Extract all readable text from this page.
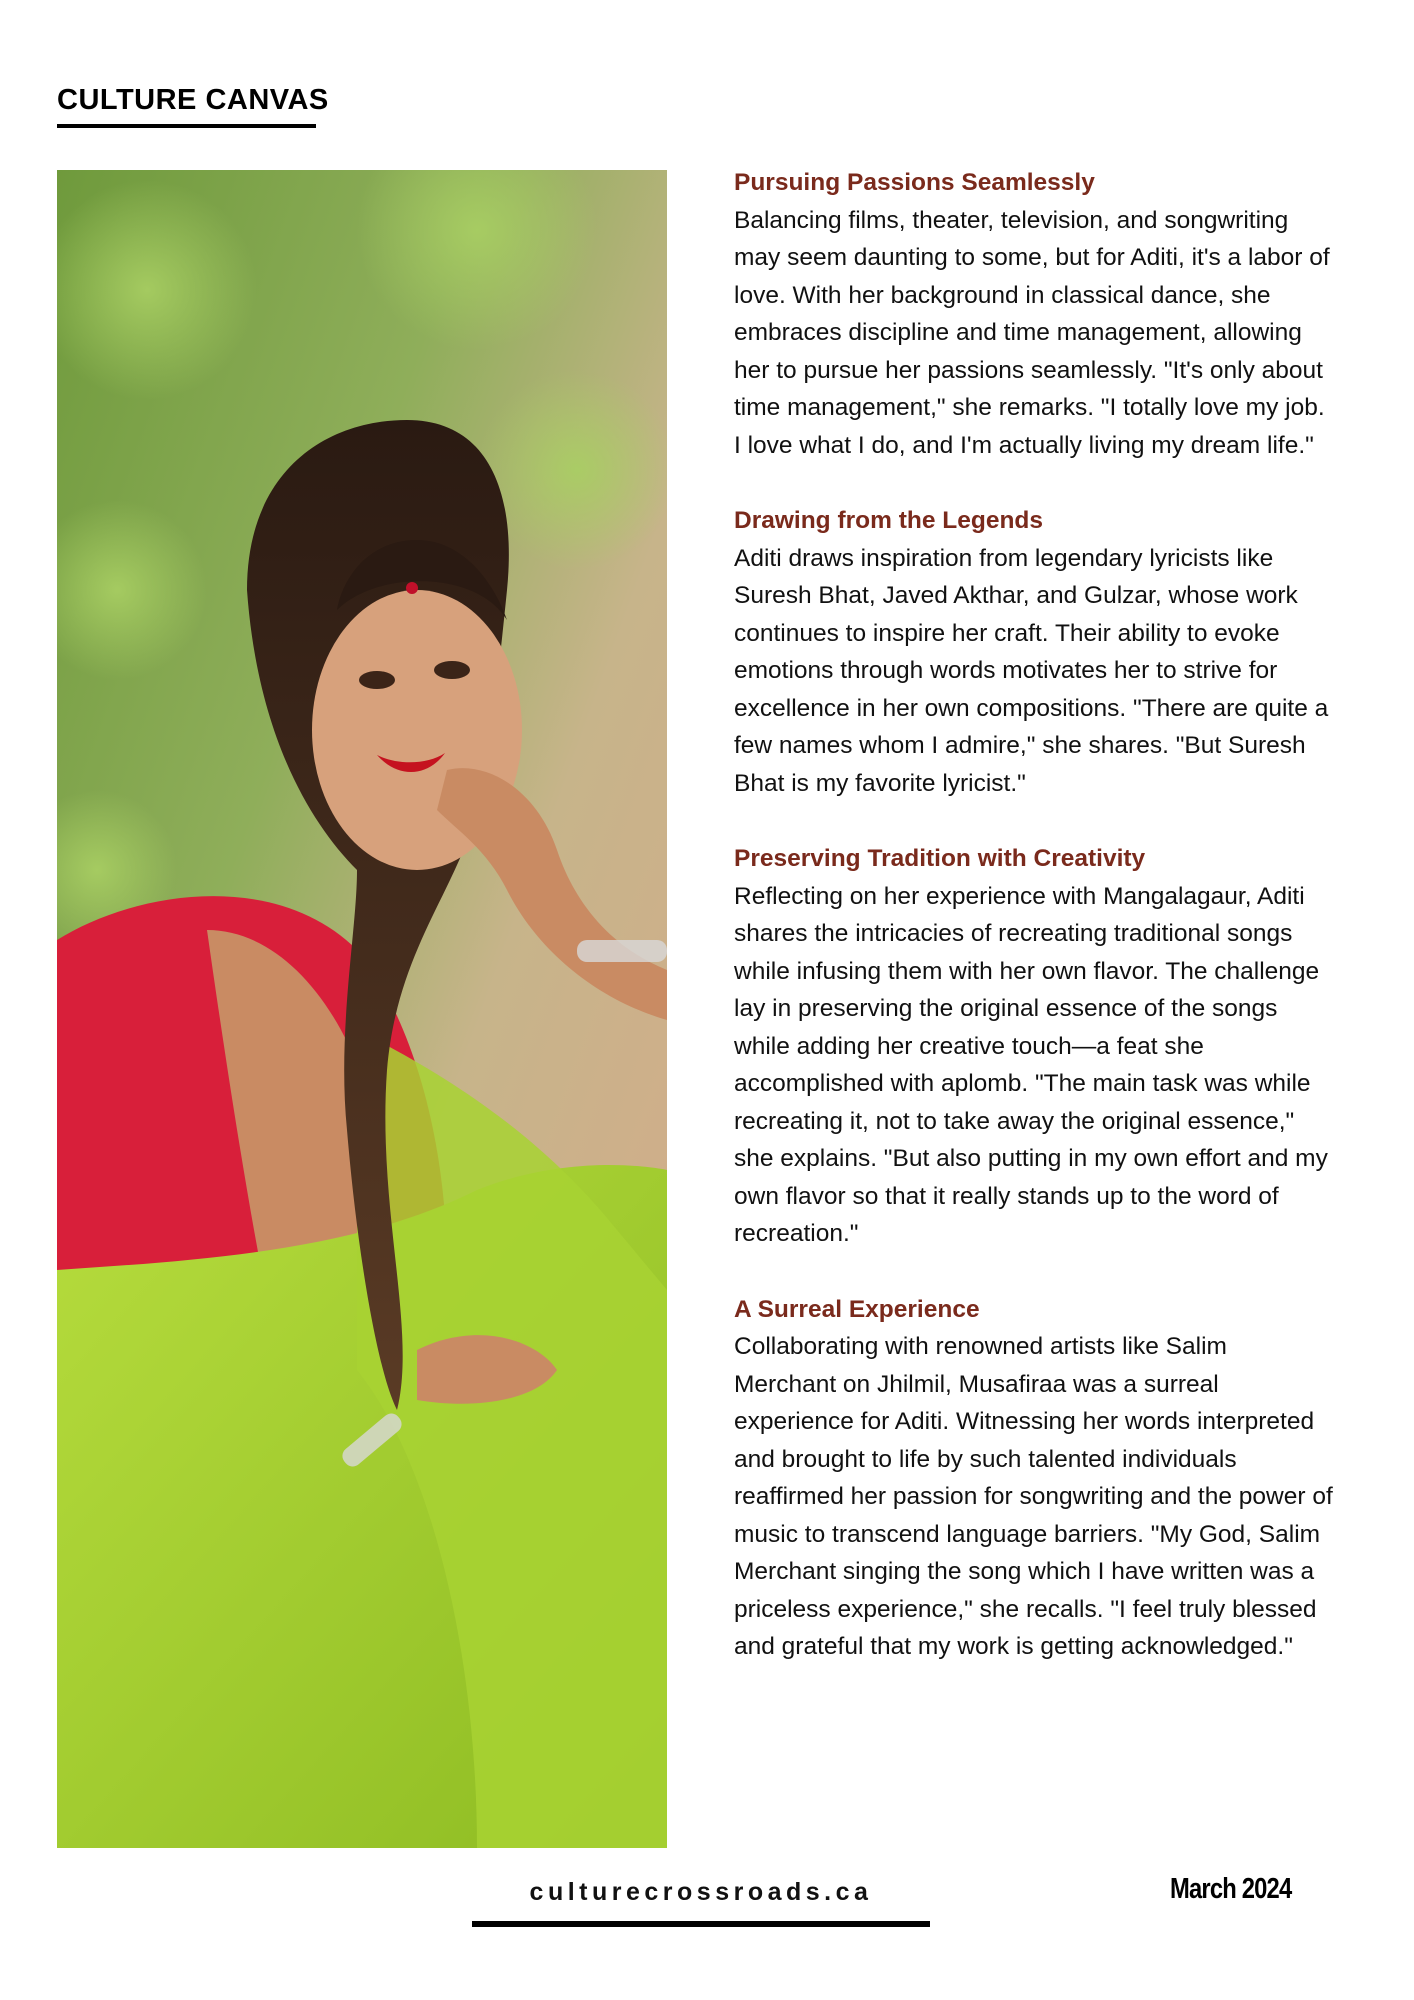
CULTURE CANVAS
Pursuing Passions Seamlessly
Balancing films, theater, television, and songwriting may seem daunting to some, but for Aditi, it's a labor of love. With her background in classical dance, she embraces discipline and time management, allowing her to pursue her passions seamlessly. "It's only about time management," she remarks. "I totally love my job. I love what I do, and I'm actually living my dream life."
Drawing from the Legends
Aditi draws inspiration from legendary lyricists like Suresh Bhat, Javed Akthar, and Gulzar, whose work continues to inspire her craft. Their ability to evoke emotions through words motivates her to strive for excellence in her own compositions. "There are quite a few names whom I admire," she shares. "But Suresh Bhat is my favorite lyricist."
Preserving Tradition with Creativity
Reflecting on her experience with Mangalagaur, Aditi shares the intricacies of recreating traditional songs while infusing them with her own flavor. The challenge lay in preserving the original essence of the songs while adding her creative touch—a feat she accomplished with aplomb. "The main task was while recreating it, not to take away the original essence," she explains. "But also putting in my own effort and my own flavor so that it really stands up to the word of recreation."
A Surreal Experience
Collaborating with renowned artists like Salim Merchant on Jhilmil, Musafiraa was a surreal experience for Aditi. Witnessing her words interpreted and brought to life by such talented individuals reaffirmed her passion for songwriting and the power of music to transcend language barriers. "My God, Salim Merchant singing the song which I have written was a priceless experience," she recalls. "I feel truly blessed and grateful that my work is getting acknowledged."
culturecrossroads.ca	March 2024
